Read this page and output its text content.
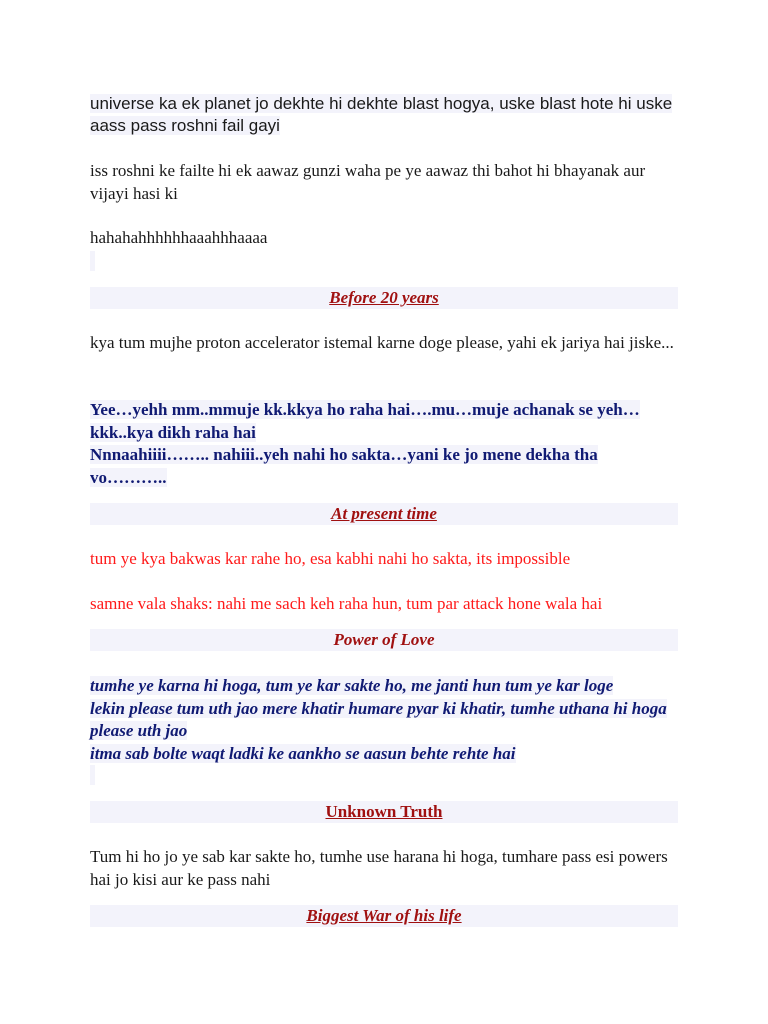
universe ka ek planet jo dekhte hi dekhte blast hogya, uske blast hote hi uske aass pass roshni fail gayi

iss roshni ke failte hi ek aawaz gunzi waha pe ye aawaz thi bahot hi bhayanak aur vijayi hasi ki

hahahahhhhhhaaahhhaaaa

Before 20 years

kya tum mujhe proton accelerator istemal karne doge please, yahi ek jariya hai jiske...

Yee…yehh mm..mmuje kk.kkya ho raha hai….mu…muje achanak se yeh…kkk..kya dikh raha hai
Nnnaahiiii…….. nahiii..yeh nahi ho sakta…yani ke jo mene dekha tha vo………..

At present time

tum ye kya bakwas kar rahe ho, esa kabhi nahi ho sakta, its impossible

samne vala shaks: nahi me sach keh raha hun, tum par attack hone wala hai

Power of Love

tumhe ye karna hi hoga, tum ye kar sakte ho, me janti hun tum ye kar loge
lekin please tum uth jao mere khatir humare pyar ki khatir, tumhe uthana hi hoga please uth jao
itma sab bolte waqt ladki ke aankho se aasun behte rehte hai

Unknown Truth

Tum hi ho jo ye sab kar sakte ho, tumhe use harana hi hoga, tumhare pass esi powers hai jo kisi aur ke pass nahi

Biggest War of his life
